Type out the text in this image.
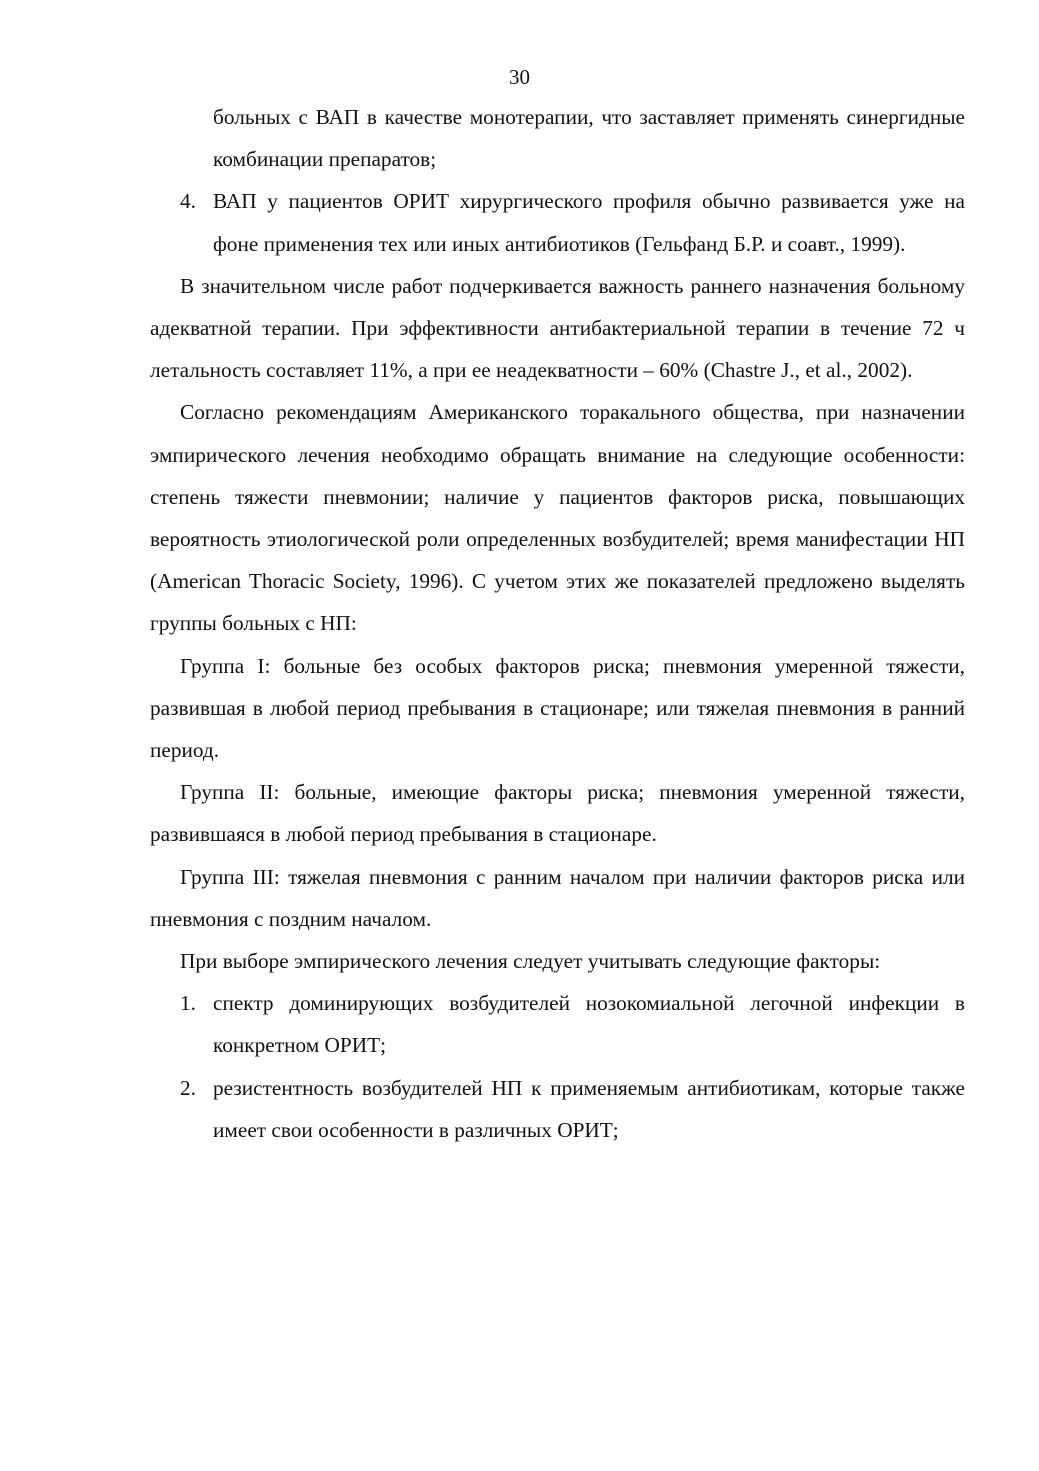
30

больных с ВАП в качестве монотерапии, что заставляет применять синергидные комбинации препаратов;

4. ВАП у пациентов ОРИТ хирургического профиля обычно развивается уже на фоне применения тех или иных антибиотиков (Гельфанд Б.Р. и соавт., 1999).

В значительном числе работ подчеркивается важность раннего назначения больному адекватной терапии. При эффективности антибактериальной терапии в течение 72 ч летальность составляет 11%, а при ее неадекватности – 60% (Chastre J., et al., 2002).

Согласно рекомендациям Американского торакального общества, при назначении эмпирического лечения необходимо обращать внимание на следующие особенности: степень тяжести пневмонии; наличие у пациентов факторов риска, повышающих вероятность этиологической роли определенных возбудителей; время манифестации НП (American Thoracic Society, 1996). С учетом этих же показателей предложено выделять группы больных с НП:

Группа I: больные без особых факторов риска; пневмония умеренной тяжести, развившая в любой период пребывания в стационаре; или тяжелая пневмония в ранний период.

Группа II: больные, имеющие факторы риска; пневмония умеренной тяжести, развившаяся в любой период пребывания в стационаре.

Группа III: тяжелая пневмония с ранним началом при наличии факторов риска или пневмония с поздним началом.

При выборе эмпирического лечения следует учитывать следующие факторы:

1. спектр доминирующих возбудителей нозокомиальной легочной инфекции в конкретном ОРИТ;

2. резистентность возбудителей НП к применяемым антибиотикам, которые также имеет свои особенности в различных ОРИТ;
